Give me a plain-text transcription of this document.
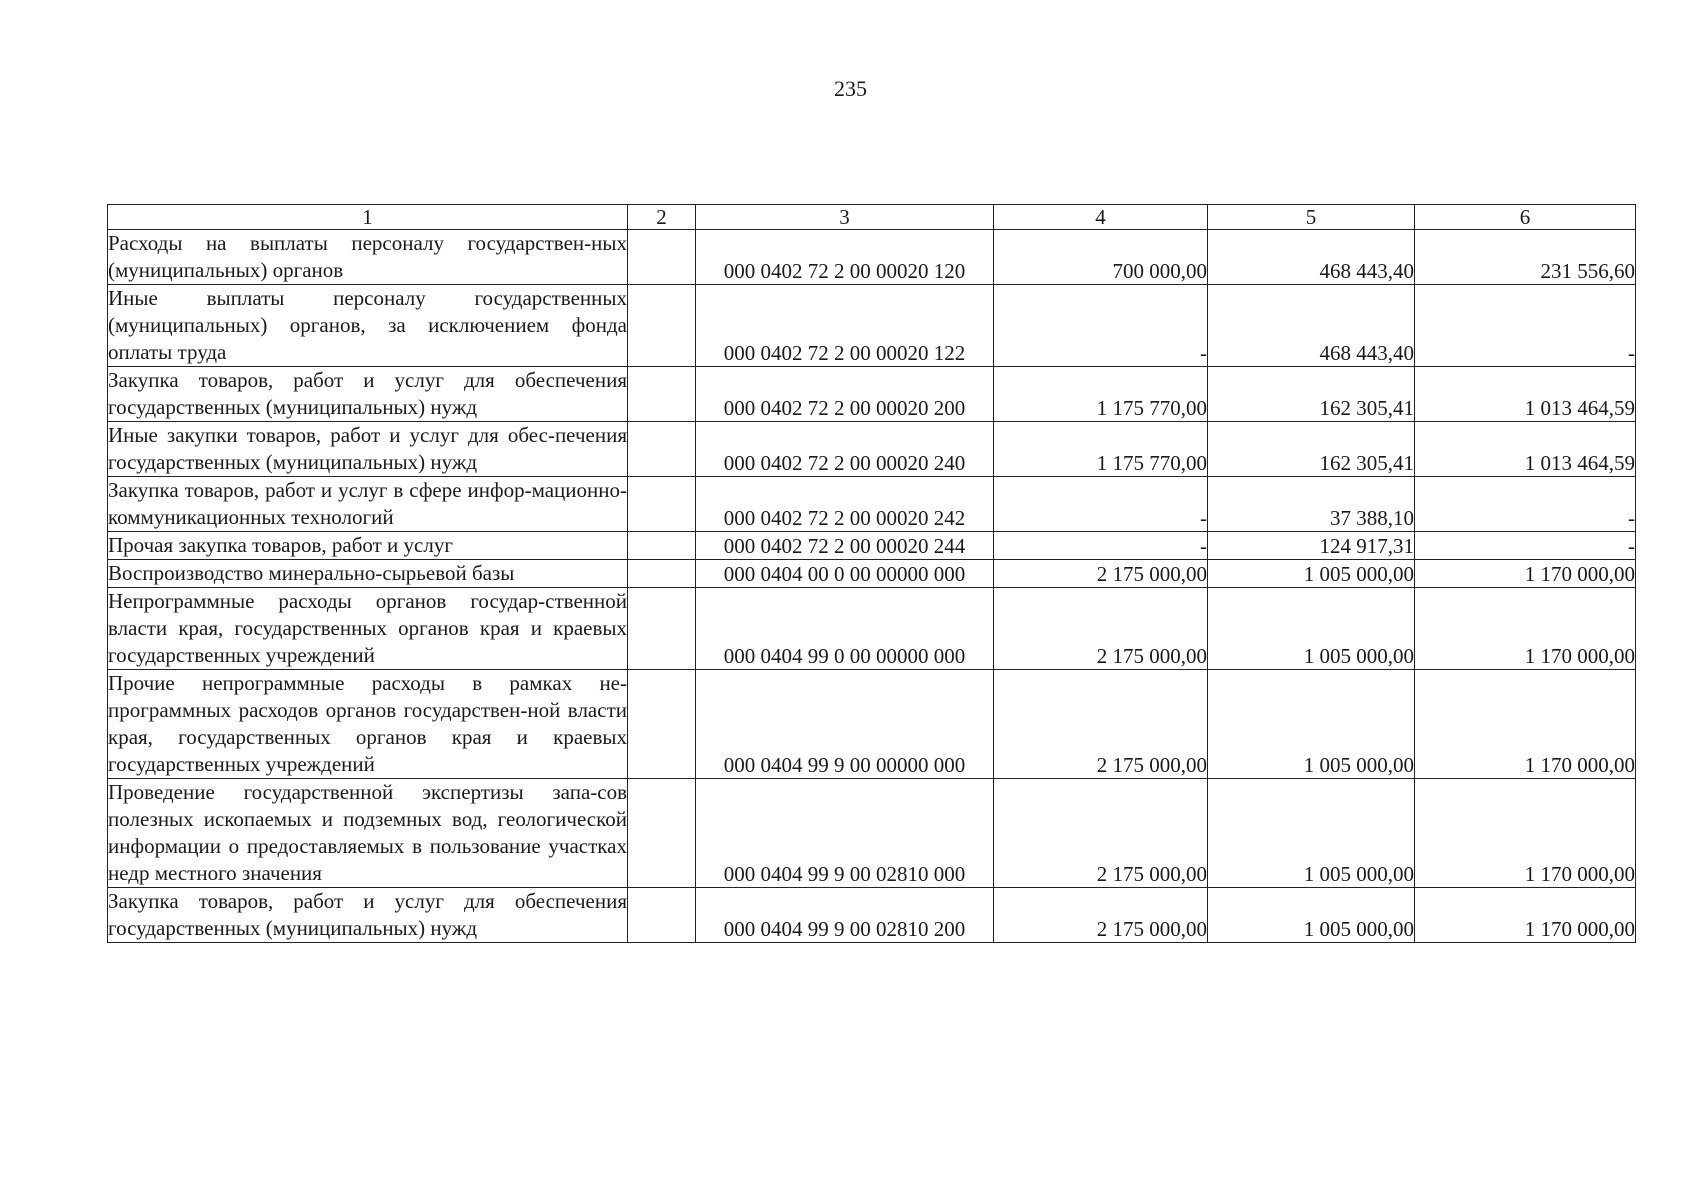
235
1	2	3	4	5	6
Расходы на выплаты персоналу государствен-ных (муниципальных) органов		000 0402 72 2 00 00020 120	700 000,00	468 443,40	231 556,60
Иные выплаты персоналу государственных (муниципальных) органов, за исключением фонда оплаты труда		000 0402 72 2 00 00020 122	-	468 443,40	-
Закупка товаров, работ и услуг для обеспечения государственных (муниципальных) нужд		000 0402 72 2 00 00020 200	1 175 770,00	162 305,41	1 013 464,59
Иные закупки товаров, работ и услуг для обес-печения государственных (муниципальных) нужд		000 0402 72 2 00 00020 240	1 175 770,00	162 305,41	1 013 464,59
Закупка товаров, работ и услуг в сфере инфор-мационно-коммуникационных технологий		000 0402 72 2 00 00020 242	-	37 388,10	-
Прочая закупка товаров, работ и услуг		000 0402 72 2 00 00020 244	-	124 917,31	-
Воспроизводство минерально-сырьевой базы		000 0404 00 0 00 00000 000	2 175 000,00	1 005 000,00	1 170 000,00
Непрограммные расходы органов государ-ственной власти края, государственных органов края и краевых государственных учреждений		000 0404 99 0 00 00000 000	2 175 000,00	1 005 000,00	1 170 000,00
Прочие непрограммные расходы в рамках не-программных расходов органов государствен-ной власти края, государственных органов края и краевых государственных учреждений		000 0404 99 9 00 00000 000	2 175 000,00	1 005 000,00	1 170 000,00
Проведение государственной экспертизы запа-сов полезных ископаемых и подземных вод, геологической информации о предоставляемых в пользование участках недр местного значения		000 0404 99 9 00 02810 000	2 175 000,00	1 005 000,00	1 170 000,00
Закупка товаров, работ и услуг для обеспечения государственных (муниципальных) нужд		000 0404 99 9 00 02810 200	2 175 000,00	1 005 000,00	1 170 000,00
